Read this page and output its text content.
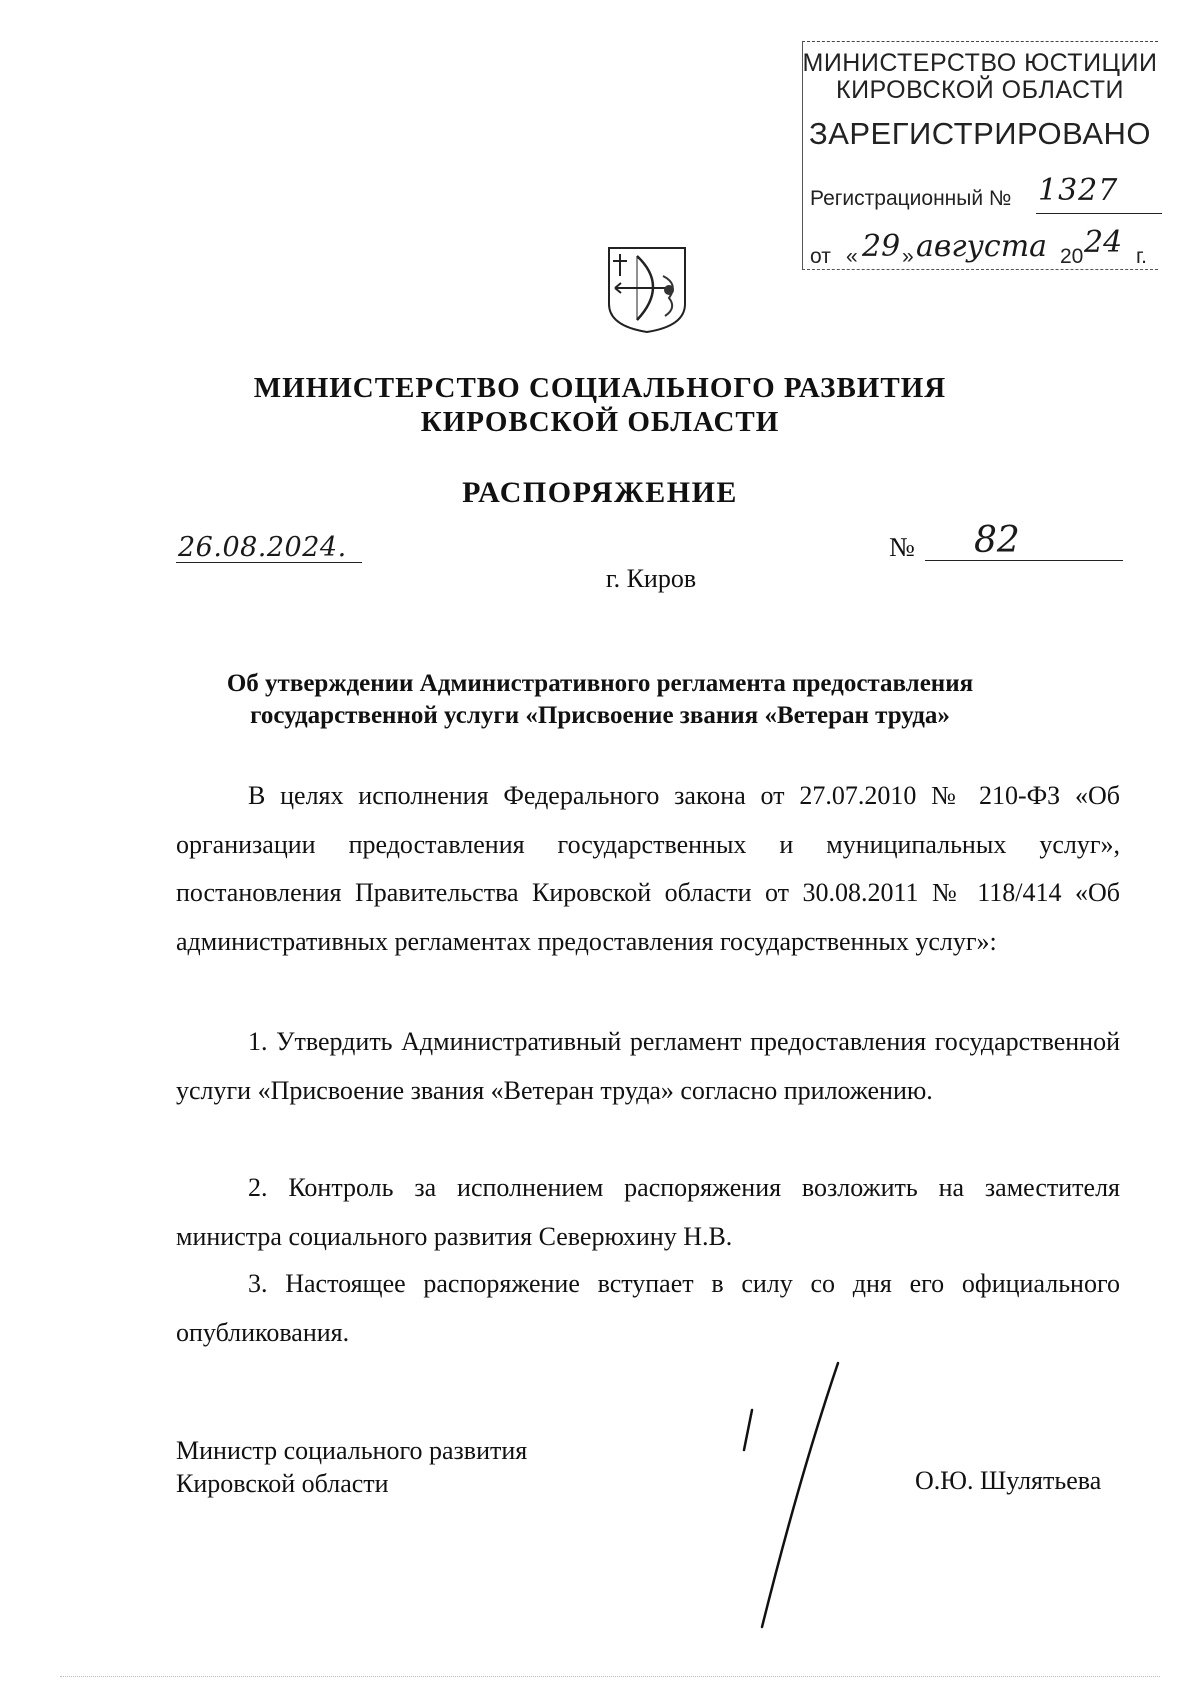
МИНИСТЕРСТВО ЮСТИЦИИ
КИРОВСКОЙ ОБЛАСТИ
ЗАРЕГИСТРИРОВАНО
Регистрационный № 1327
от « 29 » августа 20 24 г.
МИНИСТЕРСТВО СОЦИАЛЬНОГО РАЗВИТИЯ
КИРОВСКОЙ ОБЛАСТИ
РАСПОРЯЖЕНИЕ
26.08.2024.	№ 82
г. Киров
Об утверждении Административного регламента предоставления
государственной услуги «Присвоение звания «Ветеран труда»
В целях исполнения Федерального закона от 27.07.2010 № 210-ФЗ «Об организации предоставления государственных и муниципальных услуг», постановления Правительства Кировской области от 30.08.2011 № 118/414 «Об административных регламентах предоставления государственных услуг»:
1. Утвердить Административный регламент предоставления государственной услуги «Присвоение звания «Ветеран труда» согласно приложению.
2. Контроль за исполнением распоряжения возложить на заместителя министра социального развития Северюхину Н.В.
3. Настоящее распоряжение вступает в силу со дня его официального опубликования.
Министр социального развития
Кировской области	О.Ю. Шулятьева
